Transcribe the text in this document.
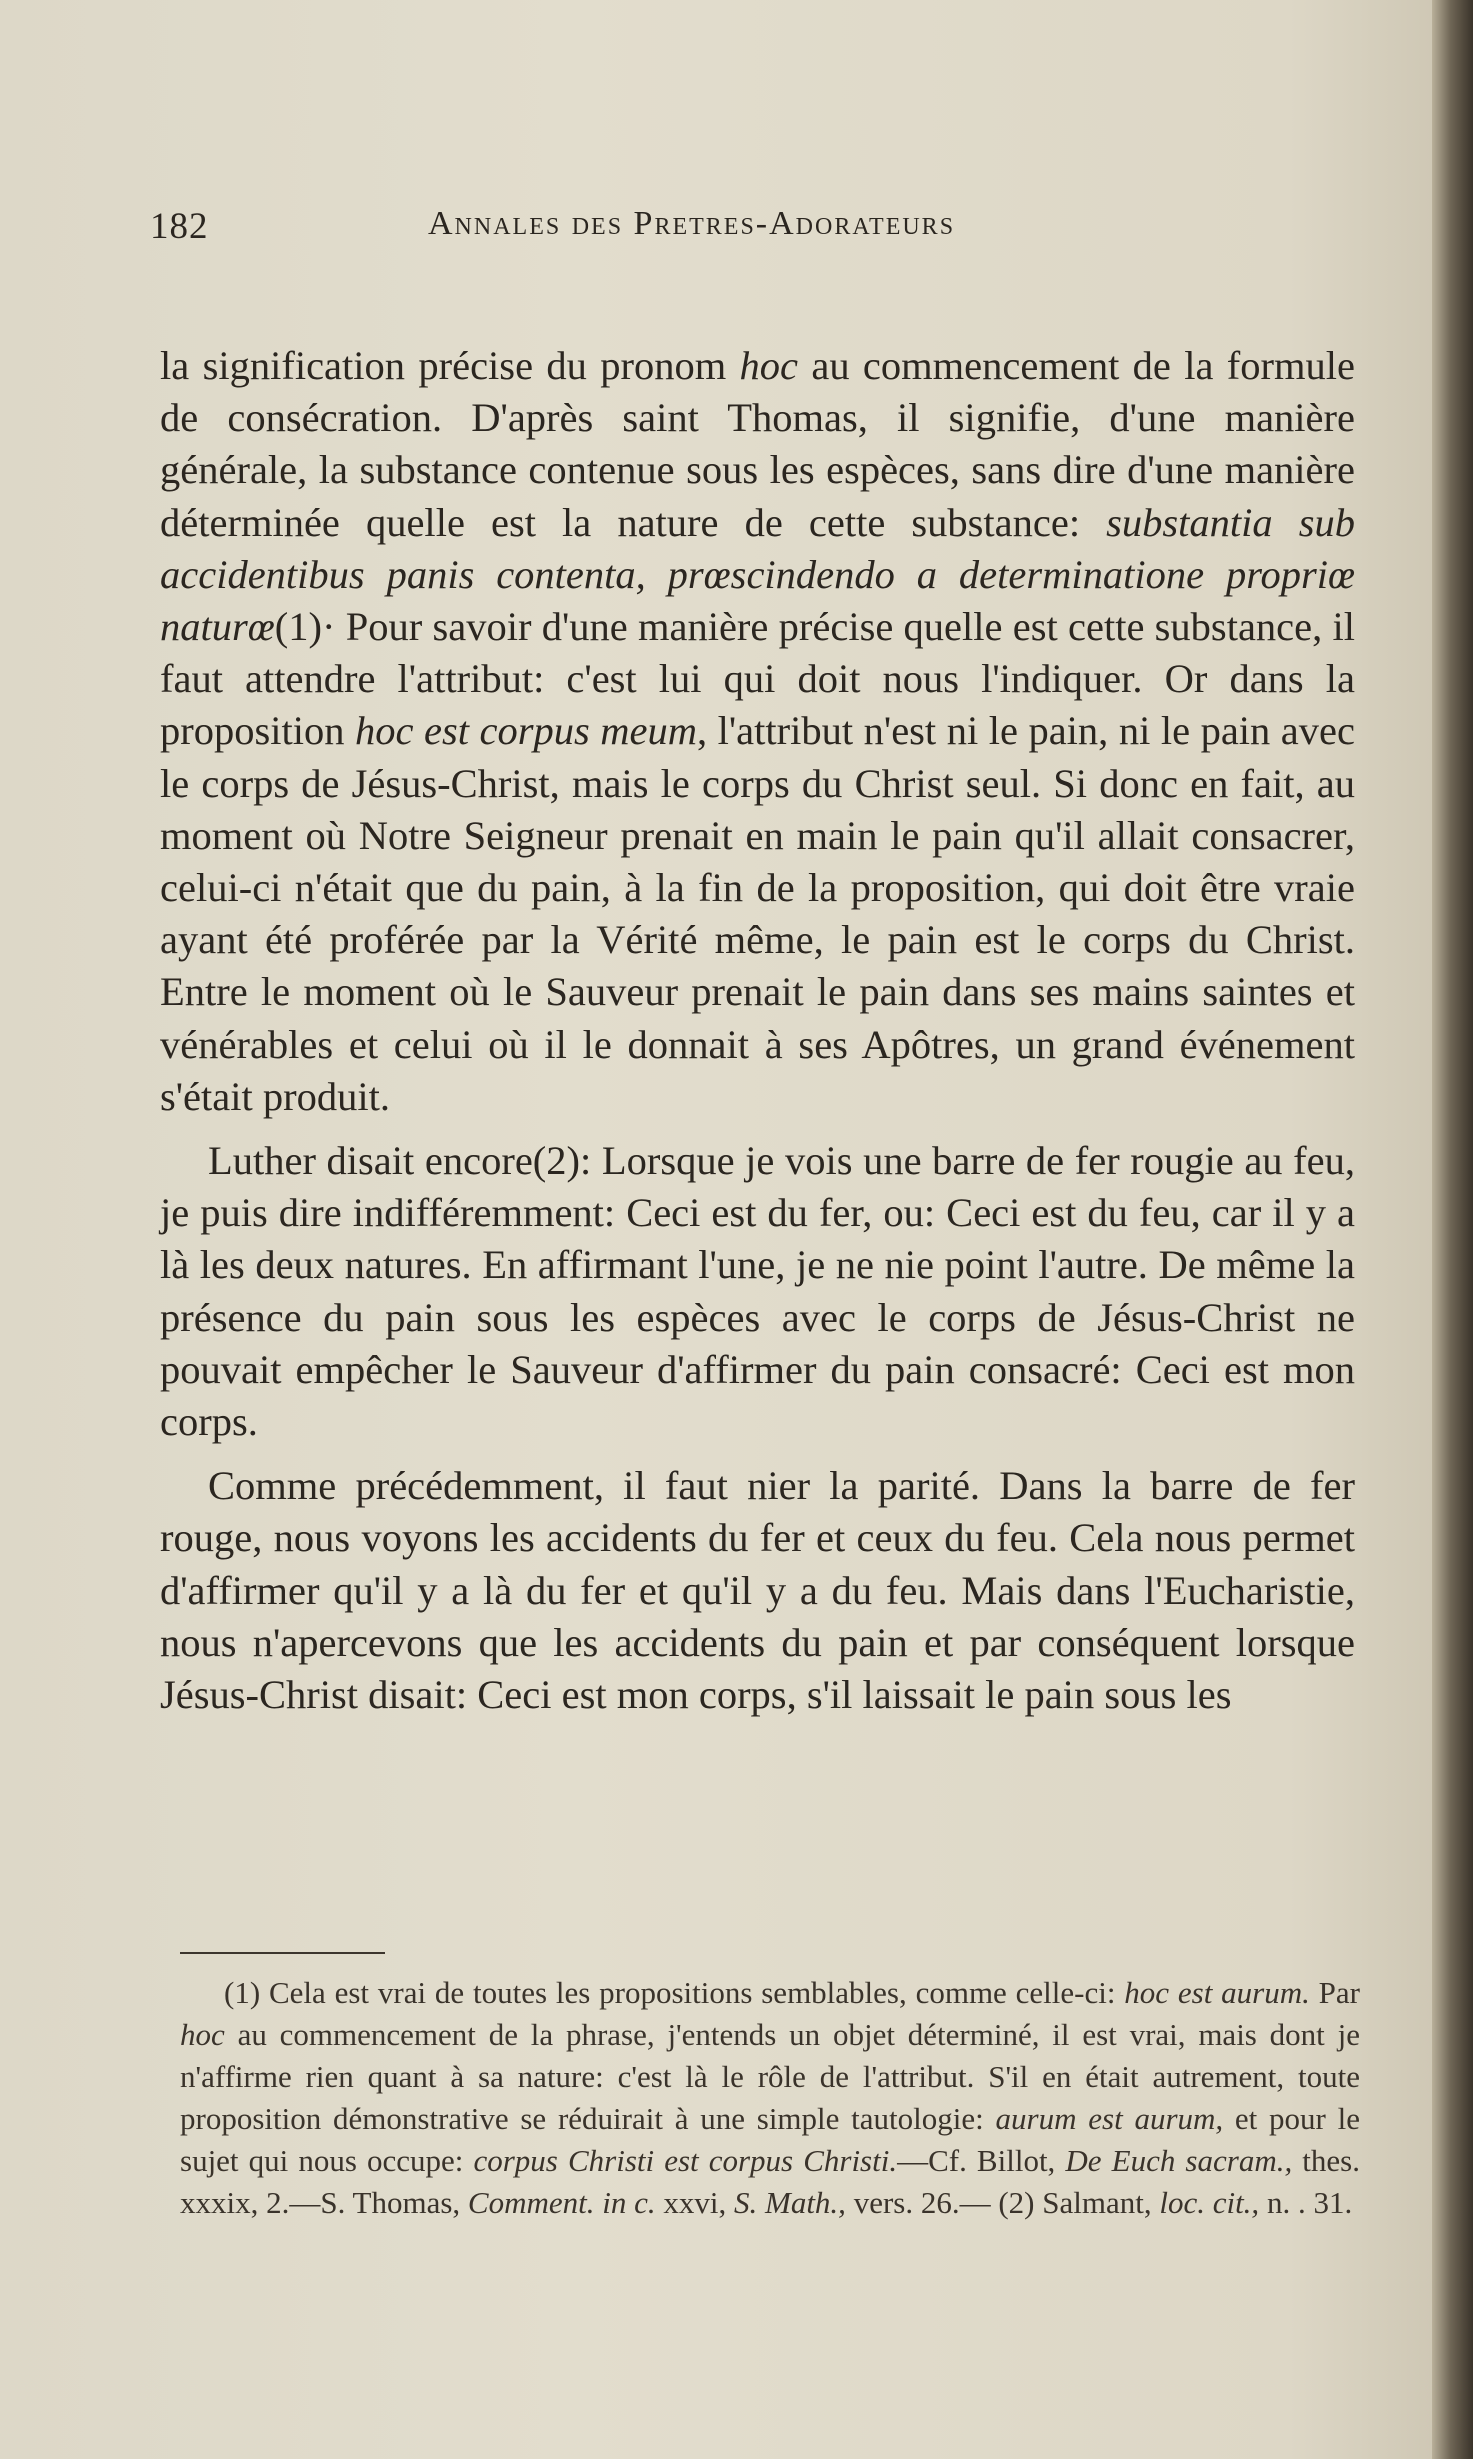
182	Annales des Pretres-Adorateurs

la signification précise du pronom hoc au commencement de la formule de consécration. D'après saint Thomas, il signifie, d'une manière générale, la substance contenue sous les espèces, sans dire d'une manière déterminée quelle est la nature de cette substance: substantia sub accidentibus panis contenta, prœscindendo a determinatione propriœ naturœ(1)· Pour savoir d'une manière précise quelle est cette substance, il faut attendre l'attribut: c'est lui qui doit nous l'indiquer. Or dans la proposition hoc est corpus meum, l'attribut n'est ni le pain, ni le pain avec le corps de Jésus-Christ, mais le corps du Christ seul. Si donc en fait, au moment où Notre Seigneur prenait en main le pain qu'il allait consacrer, celui-ci n'était que du pain, à la fin de la proposition, qui doit être vraie ayant été proférée par la Vérité même, le pain est le corps du Christ. Entre le moment où le Sauveur prenait le pain dans ses mains saintes et vénérables et celui où il le donnait à ses Apôtres, un grand événement s'était produit.

Luther disait encore(2): Lorsque je vois une barre de fer rougie au feu, je puis dire indifféremment: Ceci est du fer, ou: Ceci est du feu, car il y a là les deux natures. En affirmant l'une, je ne nie point l'autre. De même la présence du pain sous les espèces avec le corps de Jésus-Christ ne pouvait empêcher le Sauveur d'affirmer du pain consacré: Ceci est mon corps.

Comme précédemment, il faut nier la parité. Dans la barre de fer rouge, nous voyons les accidents du fer et ceux du feu. Cela nous permet d'affirmer qu'il y a là du fer et qu'il y a du feu. Mais dans l'Eucharistie, nous n'apercevons que les accidents du pain et par conséquent lorsque Jésus-Christ disait: Ceci est mon corps, s'il laissait le pain sous les

(1) Cela est vrai de toutes les propositions semblables, comme celle-ci: hoc est aurum. Par hoc au commencement de la phrase, j'entends un objet déterminé, il est vrai, mais dont je n'affirme rien quant à sa nature: c'est là le rôle de l'attribut. S'il en était autrement, toute proposition démonstrative se réduirait à une simple tautologie: aurum est aurum, et pour le sujet qui nous occupe: corpus Christi est corpus Christi.—Cf. Billot, De Euch sacram., thes. xxxix, 2.—S. Thomas, Comment. in c. xxvi, S. Math., vers. 26.— (2) Salmant, loc. cit., n. . 31.
